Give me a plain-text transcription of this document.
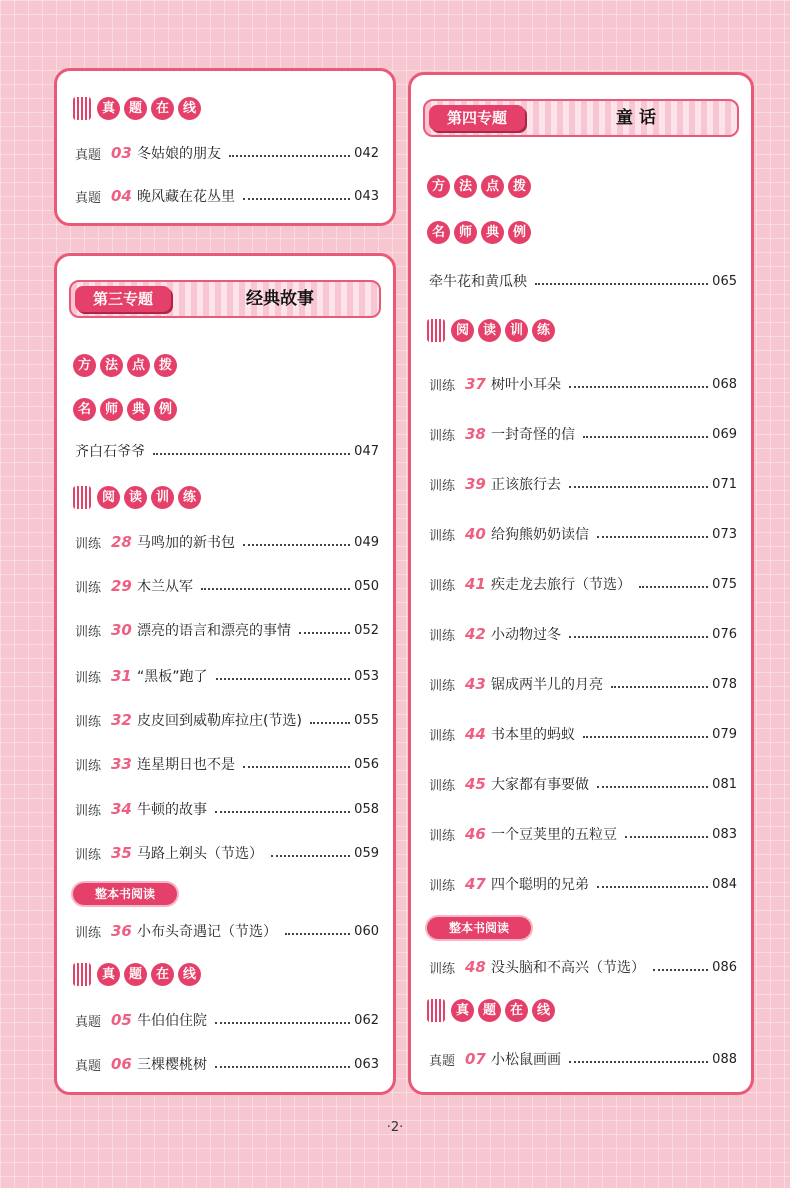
真	题	在	线
真题 03 冬姑娘的朋友	042
真题 04 晚风藏在花丛里	043
第三专题	经典故事
方	法	点	拨
名	师	典	例
齐白石爷爷	047
阅	读	训	练
训练 28 马鸣加的新书包	049
训练 29 木兰从军	050
训练 30 漂亮的语言和漂亮的事情	052
训练 31 “黑板”跑了	053
训练 32 皮皮回到威勒库拉庄(节选)	055
训练 33 连星期日也不是	056
训练 34 牛顿的故事	058
训练 35 马路上剃头（节选）	059
整本书阅读
训练 36 小布头奇遇记（节选）	060
真	题	在	线
真题 05 牛伯伯住院	062
真题 06 三棵樱桃树	063
第四专题	童 话
方	法	点	拨
名	师	典	例
牵牛花和黄瓜秧	065
阅	读	训	练
训练 37 树叶小耳朵	068
训练 38 一封奇怪的信	069
训练 39 正该旅行去	071
训练 40 给狗熊奶奶读信	073
训练 41 疾走龙去旅行（节选）	075
训练 42 小动物过冬	076
训练 43 锯成两半儿的月亮	078
训练 44 书本里的蚂蚁	079
训练 45 大家都有事要做	081
训练 46 一个豆荚里的五粒豆	083
训练 47 四个聪明的兄弟	084
整本书阅读
训练 48 没头脑和不高兴（节选）	086
真	题	在	线
真题 07 小松鼠画画	088
·2·
